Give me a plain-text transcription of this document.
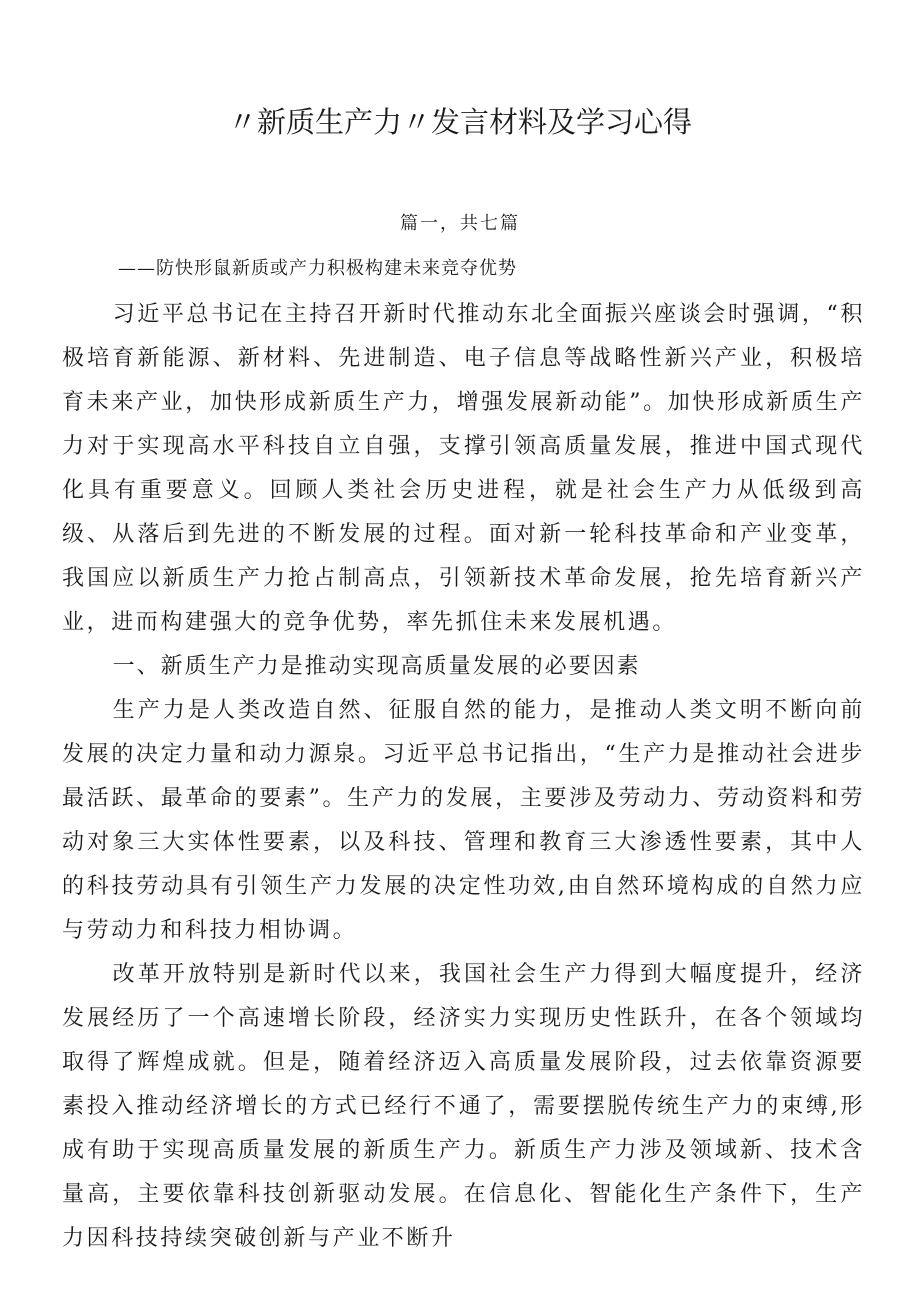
〃新质生产力〃发言材料及学习心得
篇一，共七篇
——防快形鼠新质或产力积极构建未来竞夺优势

习近平总书记在主持召开新时代推动东北全面振兴座谈会时强调，“积极培育新能源、新材料、先进制造、电子信息等战略性新兴产业，积极培育未来产业，加快形成新质生产力，增强发展新动能”。加快形成新质生产力对于实现高水平科技自立自强，支撑引领高质量发展，推进中国式现代化具有重要意义。回顾人类社会历史进程，就是社会生产力从低级到高级、从落后到先进的不断发展的过程。面对新一轮科技革命和产业变革，我国应以新质生产力抢占制高点，引领新技术革命发展，抢先培育新兴产业，进而构建强大的竞争优势，率先抓住未来发展机遇。

一、新质生产力是推动实现高质量发展的必要因素

生产力是人类改造自然、征服自然的能力，是推动人类文明不断向前发展的决定力量和动力源泉。习近平总书记指出，“生产力是推动社会进步最活跃、最革命的要素”。生产力的发展，主要涉及劳动力、劳动资料和劳动对象三大实体性要素，以及科技、管理和教育三大渗透性要素，其中人的科技劳动具有引领生产力发展的决定性功效,由自然环境构成的自然力应与劳动力和科技力相协调。

改革开放特别是新时代以来，我国社会生产力得到大幅度提升，经济发展经历了一个高速增长阶段，经济实力实现历史性跃升，在各个领域均取得了辉煌成就。但是，随着经济迈入高质量发展阶段，过去依靠资源要素投入推动经济增长的方式已经行不通了，需要摆脱传统生产力的束缚,形成有助于实现高质量发展的新质生产力。新质生产力涉及领域新、技术含量高，主要依靠科技创新驱动发展。在信息化、智能化生产条件下，生产力因科技持续突破创新与产业不断升
